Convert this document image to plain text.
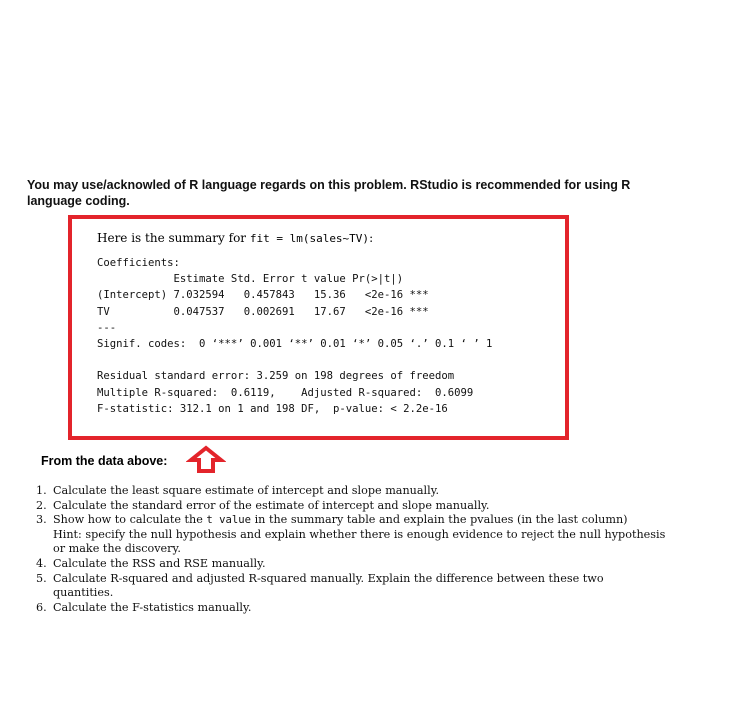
You may use/acknowled of R language regards on this problem. RStudio is recommended for using R language coding.
Here is the summary for fit = lm(sales~TV):
Coefficients:
Estimate Std. Error t value Pr(>|t|)
(Intercept) 7.032594   0.457843   15.36   <2e-16 ***
TV          0.047537   0.002691   17.67   <2e-16 ***
---
Signif. codes:  0 ‘***’ 0.001 ‘**’ 0.01 ‘*’ 0.05 ‘.’ 0.1 ‘ ’ 1

Residual standard error: 3.259 on 198 degrees of freedom
Multiple R-squared:  0.6119,    Adjusted R-squared:  0.6099
F-statistic: 312.1 on 1 and 198 DF,  p-value: < 2.2e-16
From the data above:
1. Calculate the least square estimate of intercept and slope manually.
2. Calculate the standard error of the estimate of intercept and slope manually.
3. Show how to calculate the t value in the summary table and explain the pvalues (in the last column)
Hint: specify the null hypothesis and explain whether there is enough evidence to reject the null hypothesis or make the discovery.
4. Calculate the RSS and RSE manually.
5. Calculate R-squared and adjusted R-squared manually. Explain the difference between these two quantities.
6. Calculate the F-statistics manually.
